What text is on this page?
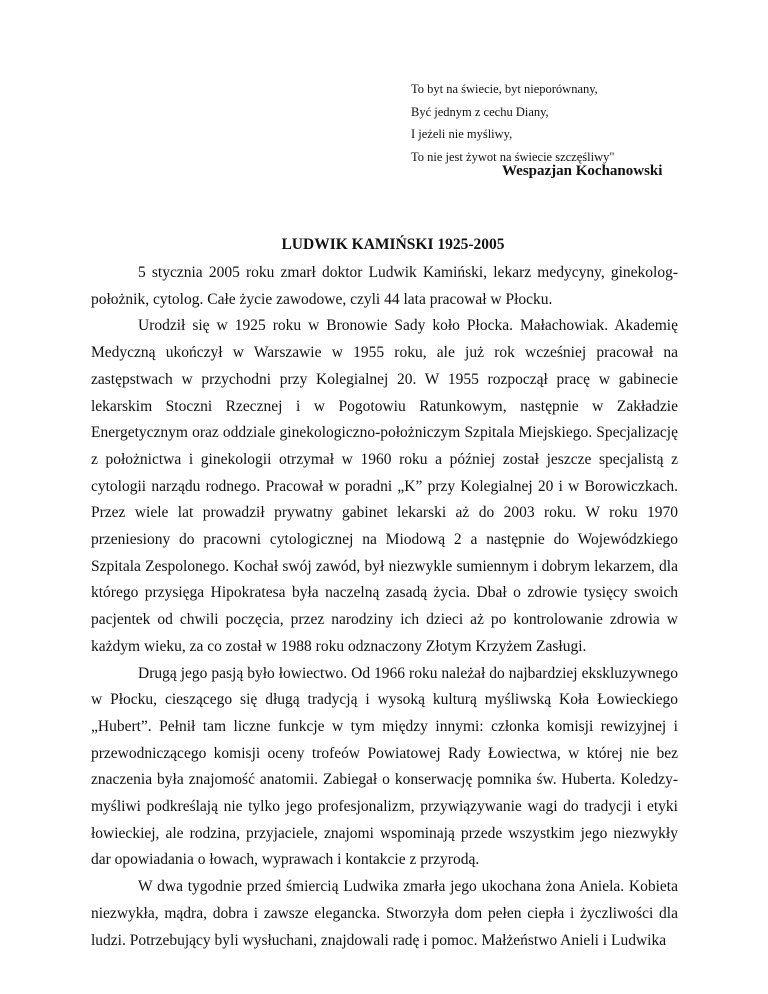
To byt na świecie, byt nieporównany,
Być jednym z cechu Diany,
I jeżeli nie myśliwy,
To nie jest żywot na świecie szczęśliwy"
Wespazjan Kochanowski
LUDWIK KAMIŃSKI 1925-2005

5 stycznia 2005 roku zmarł doktor Ludwik Kamiński, lekarz medycyny, ginekolog-położnik, cytolog. Całe życie zawodowe, czyli 44 lata pracował w Płocku.

Urodził się w 1925 roku w Bronowie Sady koło Płocka. Małachowiak. Akademię Medyczną ukończył w Warszawie w 1955 roku, ale już rok wcześniej pracował na zastępstwach w przychodni przy Kolegialnej 20. W 1955 rozpoczął pracę w gabinecie lekarskim Stoczni Rzecznej i w Pogotowiu Ratunkowym, następnie w Zakładzie Energetycznym oraz oddziale ginekologiczno-położniczym Szpitala Miejskiego. Specjalizację z położnictwa i ginekologii otrzymał w 1960 roku a później został jeszcze specjalistą z cytologii narządu rodnego. Pracował w poradni „K” przy Kolegialnej 20 i w Borowiczkach. Przez wiele lat prowadził prywatny gabinet lekarski aż do 2003 roku. W roku 1970 przeniesiony do pracowni cytologicznej na Miodową 2 a następnie do Wojewódzkiego Szpitala Zespolonego. Kochał swój zawód, był niezwykle sumiennym i dobrym lekarzem, dla którego przysięga Hipokratesa była naczelną zasadą życia. Dbał o zdrowie tysięcy swoich pacjentek od chwili poczęcia, przez narodziny ich dzieci aż po kontrolowanie zdrowia w każdym wieku, za co został w 1988 roku odznaczony Złotym Krzyżem Zasługi.

Drugą jego pasją było łowiectwo. Od 1966 roku należał do najbardziej ekskluzywnego w Płocku, cieszącego się długą tradycją i wysoką kulturą myśliwską Koła Łowieckiego „Hubert”. Pełnił tam liczne funkcje w tym między innymi: członka komisji rewizyjnej i przewodniczącego komisji oceny trofeów Powiatowej Rady Łowiectwa, w której nie bez znaczenia była znajomość anatomii. Zabiegał o konserwację pomnika św. Huberta. Koledzy-myśliwi podkreślają nie tylko jego profesjonalizm, przywiązywanie wagi do tradycji i etyki łowieckiej, ale rodzina, przyjaciele, znajomi wspominają przede wszystkim jego niezwykły dar opowiadania o łowach, wyprawach i kontakcie z przyrodą.

W dwa tygodnie przed śmiercią Ludwika zmarła jego ukochana żona Aniela. Kobieta niezwykła, mądra, dobra i zawsze elegancka. Stworzyła dom pełen ciepła i życzliwości dla ludzi. Potrzebujący byli wysłuchani, znajdowali radę i pomoc. Małżeństwo Anieli i Ludwika
